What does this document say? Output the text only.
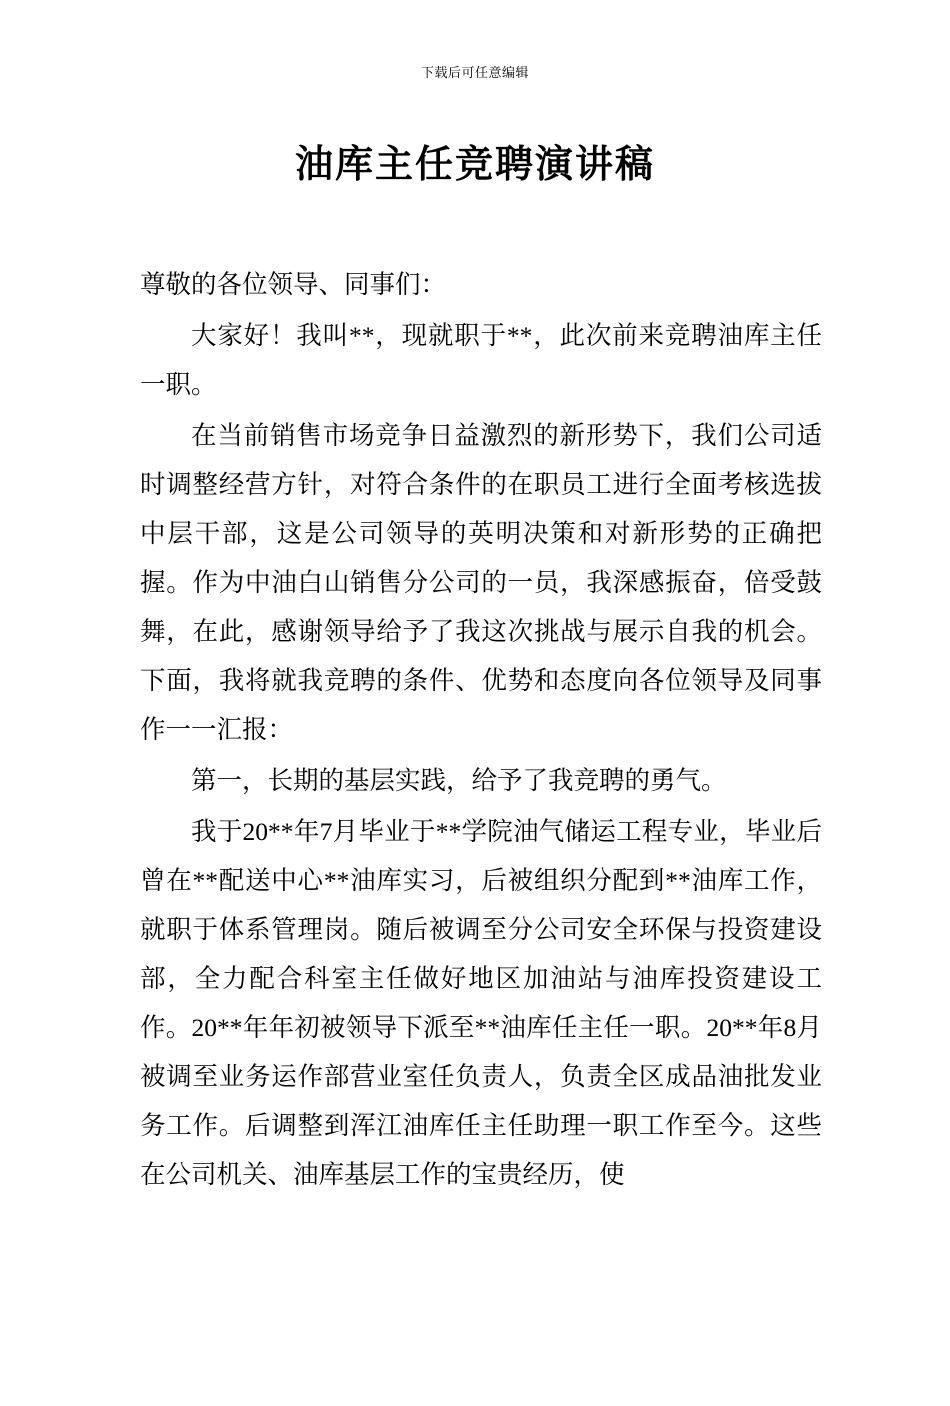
下载后可任意编辑
油库主任竞聘演讲稿

尊敬的各位领导、同事们：

大家好！我叫**，现就职于**，此次前来竞聘油库主任一职。

在当前销售市场竞争日益激烈的新形势下，我们公司适时调整经营方针，对符合条件的在职员工进行全面考核选拔中层干部，这是公司领导的英明决策和对新形势的正确把握。作为中油白山销售分公司的一员，我深感振奋，倍受鼓舞，在此，感谢领导给予了我这次挑战与展示自我的机会。下面，我将就我竞聘的条件、优势和态度向各位领导及同事作一一汇报：

第一，长期的基层实践，给予了我竞聘的勇气。

我于20**年7月毕业于**学院油气储运工程专业，毕业后曾在**配送中心**油库实习，后被组织分配到**油库工作，就职于体系管理岗。随后被调至分公司安全环保与投资建设部，全力配合科室主任做好地区加油站与油库投资建设工作。20**年年初被领导下派至**油库任主任一职。20**年8月被调至业务运作部营业室任负责人，负责全区成品油批发业务工作。后调整到浑江油库任主任助理一职工作至今。这些在公司机关、油库基层工作的宝贵经历，使
